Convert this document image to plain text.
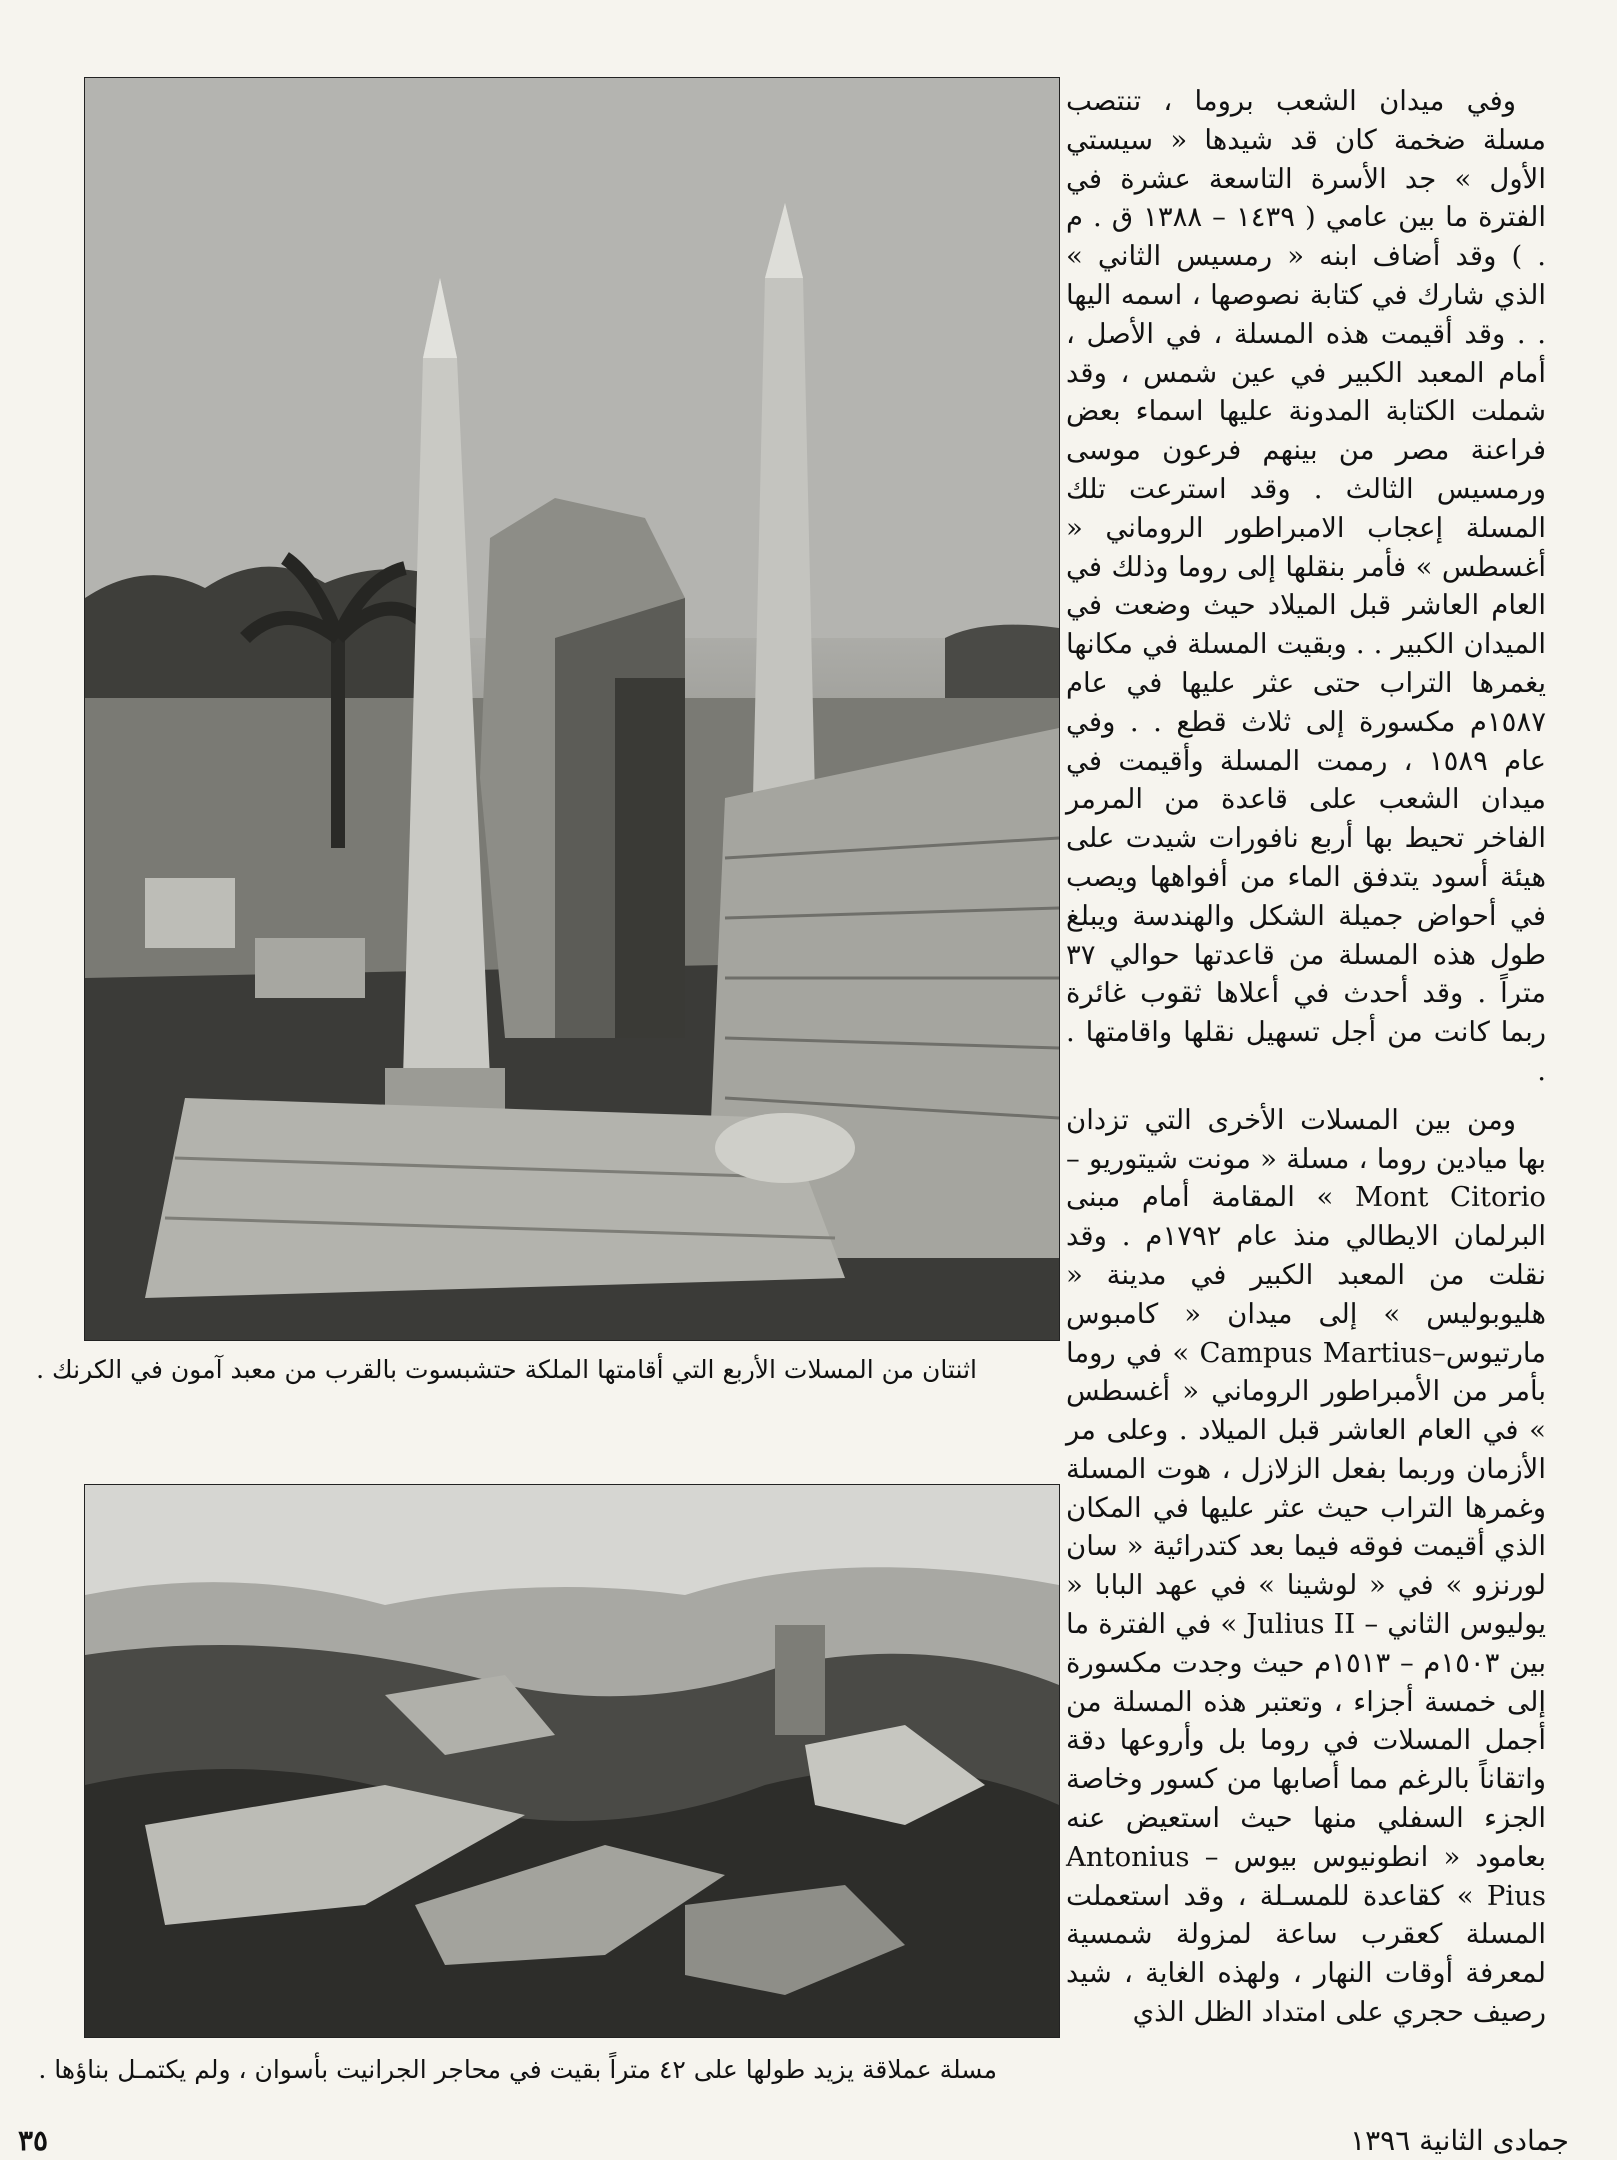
اثنتان من المسلات الأربع التي أقامتها الملكة حتشبسوت بالقرب من معبد آمون في الكرنك .
مسلة عملاقة يزيد طولها على ٤٢ متراً بقيت في محاجر الجرانيت بأسوان ، ولم يكتمـل بناؤها .

وفي ميدان الشعب بروما ، تنتصب مسلة ضخمة كان قد شيدها « سيستي الأول » جد الأسرة التاسعة عشرة في الفترة ما بين عامي ( ١٤٣٩ – ١٣٨٨ ق . م . ) وقد أضاف ابنه « رمسيس الثاني » الذي شارك في كتابة نصوصها ، اسمه اليها . . وقد أقيمت هذه المسلة ، في الأصل ، أمام المعبد الكبير في عين شمس ، وقد شملت الكتابة المدونة عليها اسماء بعض فراعنة مصر من بينهم فرعون موسى ورمسيس الثالث . وقد استرعت تلك المسلة إعجاب الامبراطور الروماني « أغسطس » فأمر بنقلها إلى روما وذلك في العام العاشر قبل الميلاد حيث وضعت في الميدان الكبير . . وبقيت المسلة في مكانها يغمرها التراب حتى عثر عليها في عام ١٥٨٧م مكسورة إلى ثلاث قطع . . وفي عام ١٥٨٩ ، رممت المسلة وأقيمت في ميدان الشعب على قاعدة من المرمر الفاخر تحيط بها أربع نافورات شيدت على هيئة أسود يتدفق الماء من أفواهها ويصب في أحواض جميلة الشكل والهندسة ويبلغ طول هذه المسلة من قاعدتها حوالي ٣٧ متراً . وقد أحدث في أعلاها ثقوب غائرة ربما كانت من أجل تسهيل نقلها واقامتها . .

ومن بين المسلات الأخرى التي تزدان بها ميادين روما ، مسلة « مونت شيتوريو – Mont Citorio » المقامة أمام مبنى البرلمان الايطالي منذ عام ١٧٩٢م . وقد نقلت من المعبد الكبير في مدينة « هليوبوليس » إلى ميدان « كامبوس مارتيوس–Campus Martius » في روما بأمر من الأمبراطور الروماني « أغسطس » في العام العاشر قبل الميلاد . وعلى مر الأزمان وربما بفعل الزلازل ، هوت المسلة وغمرها التراب حيث عثر عليها في المكان الذي أقيمت فوقه فيما بعد كتدرائية « سان لورنزو » في « لوشينا » في عهد البابا « يوليوس الثاني – Julius II » في الفترة ما بين ١٥٠٣م – ١٥١٣م حيث وجدت مكسورة إلى خمسة أجزاء ، وتعتبر هذه المسلة من أجمل المسلات في روما بل وأروعها دقة واتقاناً بالرغم مما أصابها من كسور وخاصة الجزء السفلي منها حيث استعيض عنه بعامود « انطونيوس بيوس – Antonius Pius » كقاعدة للمسـلة ، وقد استعملت المسلة كعقرب ساعة لمزولة شمسية لمعرفة أوقات النهار ، ولهذه الغاية ، شيد رصيف حجري على امتداد الظل الذي

٣٥	جمادى الثانية ١٣٩٦
